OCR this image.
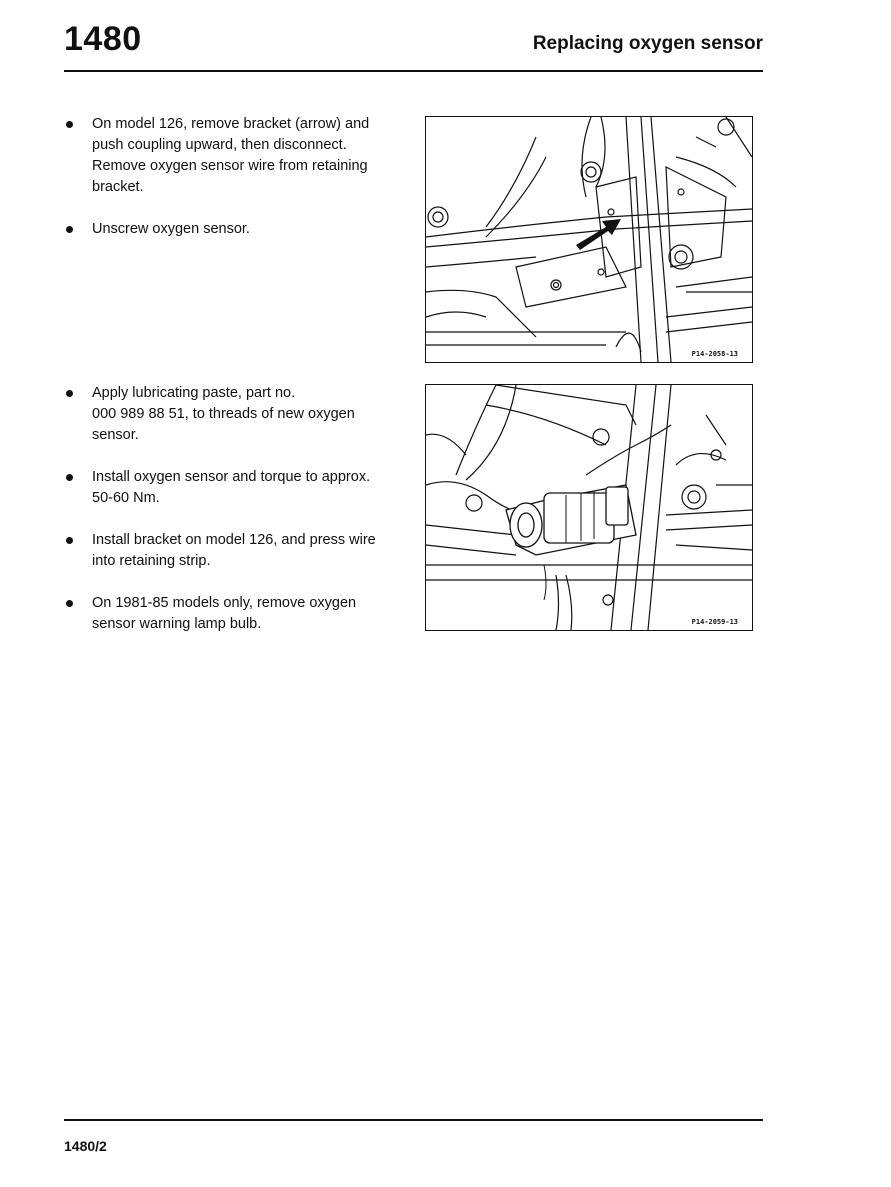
1480	Replacing oxygen sensor
On model 126, remove bracket (arrow) and
push coupling upward, then disconnect.
Remove oxygen sensor wire from retaining
bracket.
Unscrew oxygen sensor.
P14-2058-13
Apply lubricating paste, part no.
000 989 88 51, to threads of new oxygen
sensor.
Install oxygen sensor and torque to approx.
50-60 Nm.
Install bracket on model 126, and press wire
into retaining strip.
On 1981-85 models only, remove oxygen
sensor warning lamp bulb.	P14-2059-13
1480/2
